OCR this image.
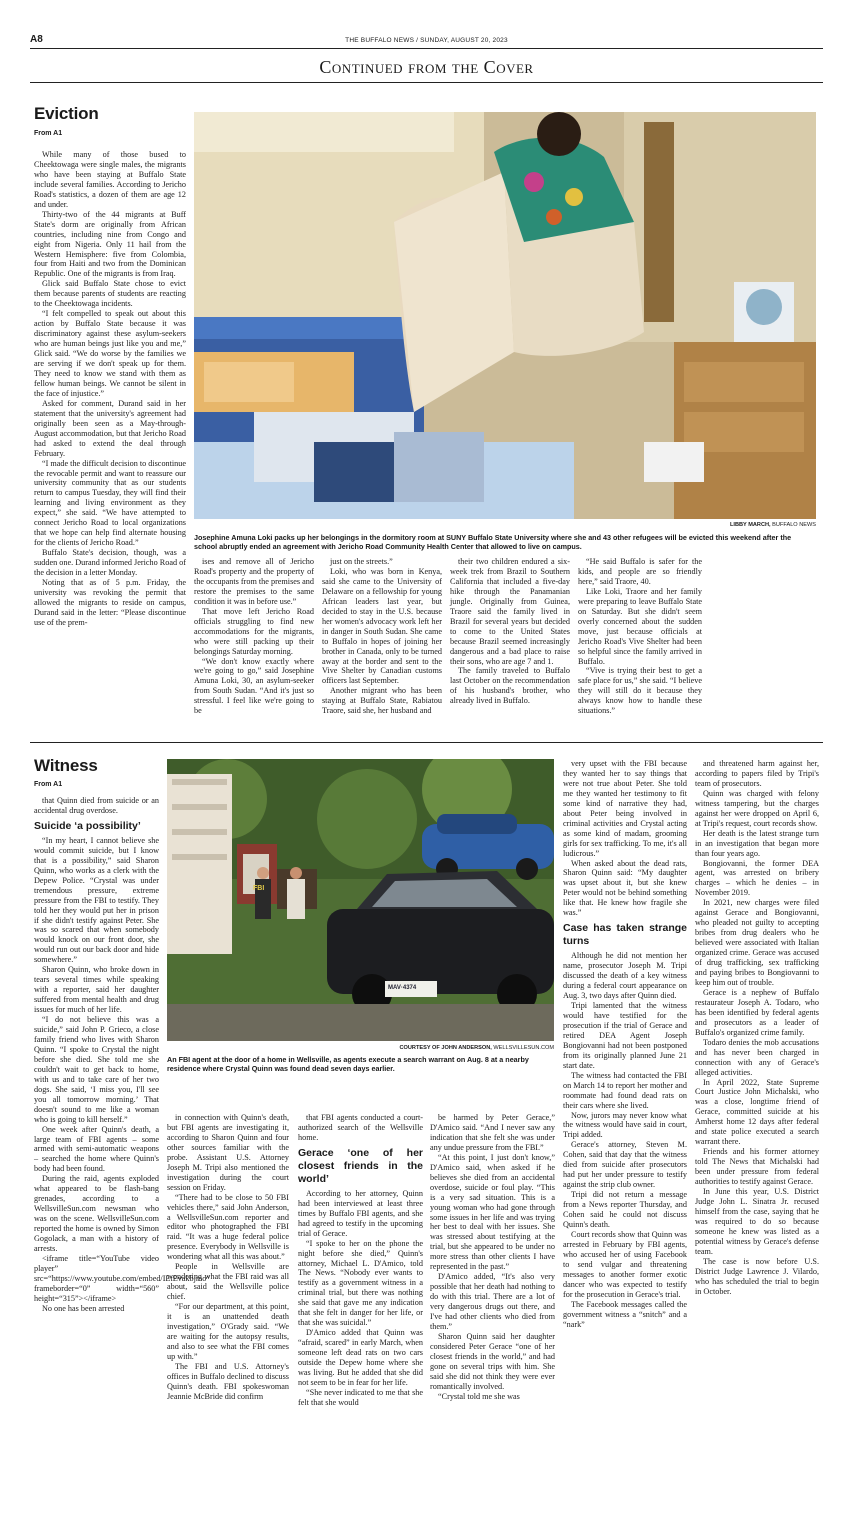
A8	THE BUFFALO NEWS / SUNDAY, AUGUST 20, 2023
Continued from the Cover
Eviction
From A1

While many of those bused to Cheektowaga were single males, the migrants who have been staying at Buffalo State include several families. According to Jericho Road's statistics, a dozen of them are age 12 and under.

Thirty-two of the 44 migrants at Buff State's dorm are originally from African countries, including nine from Congo and eight from Nigeria. Only 11 hail from the Western Hemisphere: five from Colombia, four from Haiti and two from the Dominican Republic. One of the migrants is from Iraq.

Glick said Buffalo State chose to evict them because parents of students are reacting to the Cheektowaga incidents.

“I felt compelled to speak out about this action by Buffalo State because it was discriminatory against these asylum-seekers who are human beings just like you and me,” Glick said. “We do worse by the families we are serving if we don't speak up for them. They need to know we stand with them as fellow human beings. We cannot be silent in the face of injustice.”

Asked for comment, Durand said in her statement that the university's agreement had originally been seen as a May-through-August accommodation, but that Jericho Road had asked to extend the deal through February.

“I made the difficult decision to discontinue the revocable permit and want to reassure our university community that as our students return to campus Tuesday, they will find their learning and living environment as they expect,” she said. “We have attempted to connect Jericho Road to local organizations that we hope can help find alternate housing for the clients of Jericho Road.”

Buffalo State's decision, though, was a sudden one. Durand informed Jericho Road of the decision in a letter Monday.

Noting that as of 5 p.m. Friday, the university was revoking the permit that allowed the migrants to reside on campus, Durand said in the letter: “Please discontinue use of the prem-

LIBBY MARCH, BUFFALO NEWS
Josephine Amuna Loki packs up her belongings in the dormitory room at SUNY Buffalo State University where she and 43 other refugees will be evicted this weekend after the school abruptly ended an agreement with Jericho Road Community Health Center that allowed to live on campus.

ises and remove all of Jericho Road's property and the property of the occupants from the premises and restore the premises to the same condition it was in before use.”

That move left Jericho Road officials struggling to find new accommodations for the migrants, who were still packing up their belongings Saturday morning.

“We don't know exactly where we're going to go,” said Josephine Amuna Loki, 30, an asylum-seeker from South Sudan. “And it's just so stressful. I feel like we're going to be

just on the streets.”

Loki, who was born in Kenya, said she came to the University of Delaware on a fellowship for young African leaders last year, but decided to stay in the U.S. because her women's advocacy work left her in danger in South Sudan. She came to Buffalo in hopes of joining her brother in Canada, only to be turned away at the border and sent to the Vive Shelter by Canadian customs officers last September.

Another migrant who has been staying at Buffalo State, Rabiatou Traore, said she, her husband and

their two children endured a six-week trek from Brazil to Southern California that included a five-day hike through the Panamanian jungle. Originally from Guinea, Traore said the family lived in Brazil for several years but decided to come to the United States because Brazil seemed increasingly dangerous and a bad place to raise their sons, who are age 7 and 1.

The family traveled to Buffalo last October on the recommendation of his husband's brother, who already lived in Buffalo.

“He said Buffalo is safer for the kids, and people are so friendly here,” said Traore, 40.

Like Loki, Traore and her family were preparing to leave Buffalo State on Saturday. But she didn't seem overly concerned about the sudden move, just because officials at Jericho Road's Vive Shelter had been so helpful since the family arrived in Buffalo.

“Vive is trying their best to get a safe place for us,” she said. “I believe they will still do it because they always know how to handle these situations.”

Witness
From A1

that Quinn died from suicide or an accidental drug overdose.

Suicide ‘a possibility’

“In my heart, I cannot believe she would commit suicide, but I know that is a possibility,” said Sharon Quinn, who works as a clerk with the Depew Police. “Crystal was under tremendous pressure, extreme pressure from the FBI to testify. They told her they would put her in prison if she didn't testify against Peter. She was so scared that when somebody would knock on our front door, she would run out our back door and hide somewhere.”

Sharon Quinn, who broke down in tears several times while speaking with a reporter, said her daughter suffered from mental health and drug issues for much of her life.

“I do not believe this was a suicide,” said John P. Grieco, a close family friend who lives with Sharon Quinn. “I spoke to Crystal the night before she died. She told me she couldn't wait to get back to home, with us and to take care of her two dogs. She said, ‘I miss you, I'll see you all tomorrow morning.’ That doesn't sound to me like a woman who is going to kill herself.”

One week after Quinn's death, a large team of FBI agents – some armed with semi-automatic weapons – searched the home where Quinn's body had been found.

During the raid, agents exploded what appeared to be flash-bang grenades, according to a WellsvilleSun.com newsman who was on the scene. WellsvilleSun.com reported the home is owned by Simon Gogolack, a man with a history of arrests.

<iframe title=“YouTube video player” src=“https://www.youtube.com/embed/IEtEvakbjmo” frameborder=“0” width=“560” height=“315”></iframe>

No one has been arrested

FBI
MAV·4374
COURTESY OF JOHN ANDERSON, WELLSVILLESUN.COM
An FBI agent at the door of a home in Wellsville, as agents execute a search warrant on Aug. 8 at a nearby residence where Crystal Quinn was found dead seven days earlier.

in connection with Quinn's death, but FBI agents are investigating it, according to Sharon Quinn and four other sources familiar with the probe. Assistant U.S. Attorney Joseph M. Tripi also mentioned the investigation during the court session on Friday.

“There had to be close to 50 FBI vehicles there,” said John Anderson, a WellsvilleSun.com reporter and editor who photographed the FBI raid. “It was a huge federal police presence. Everybody in Wellsville is wondering what all this was about.”

People in Wellsville are wondering what the FBI raid was all about, said the Wellsville police chief.

“For our department, at this point, it is an unattended death investigation,” O'Grady said. “We are waiting for the autopsy results, and also to see what the FBI comes up with.”

The FBI and U.S. Attorney's offices in Buffalo declined to discuss Quinn's death. FBI spokeswoman Jeannie McBride did confirm

that FBI agents conducted a court-authorized search of the Wellsville home.

Gerace ‘one of her closest friends in the world’

According to her attorney, Quinn had been interviewed at least three times by Buffalo FBI agents, and she had agreed to testify in the upcoming trial of Gerace.

“I spoke to her on the phone the night before she died,” Quinn's attorney, Michael L. D'Amico, told The News. “Nobody ever wants to testify as a government witness in a criminal trial, but there was nothing she said that gave me any indication that she felt in danger for her life, or that she was suicidal.”

D'Amico added that Quinn was “afraid, scared” in early March, when someone left dead rats on two cars outside the Depew home where she was living. But he added that she did not seem to be in fear for her life.

“She never indicated to me that she felt that she would

be harmed by Peter Gerace,” D'Amico said. “And I never saw any indication that she felt she was under any undue pressure from the FBI.”

“At this point, I just don't know,” D'Amico said, when asked if he believes she died from an accidental overdose, suicide or foul play. “This is a very sad situation. This is a young woman who had gone through some issues in her life and was trying her best to deal with her issues. She was stressed about testifying at the trial, but she appeared to be under no more stress than other clients I have represented in the past.”

D'Amico added, “It's also very possible that her death had nothing to do with this trial. There are a lot of very dangerous drugs out there, and I've had other clients who died from them.”

Sharon Quinn said her daughter considered Peter Gerace “one of her closest friends in the world,” and had gone on several trips with him. She said she did not think they were ever romantically involved.

“Crystal told me she was

very upset with the FBI because they wanted her to say things that were not true about Peter. She told me they wanted her testimony to fit some kind of narrative they had, about Peter being involved in criminal activities and Crystal acting as some kind of madam, grooming girls for sex trafficking. To me, it's all ludicrous.”

When asked about the dead rats, Sharon Quinn said: “My daughter was upset about it, but she knew Peter would not be behind something like that. He knew how fragile she was.”

Case has taken strange turns

Although he did not mention her name, prosecutor Joseph M. Tripi discussed the death of a key witness during a federal court appearance on Aug. 3, two days after Quinn died.

Tripi lamented that the witness would have testified for the prosecution if the trial of Gerace and retired DEA Agent Joseph Bongiovanni had not been postponed from its originally planned June 21 start date.

The witness had contacted the FBI on March 14 to report her mother and roommate had found dead rats on their cars where she lived.

Now, jurors may never know what the witness would have said in court, Tripi added.

Gerace's attorney, Steven M. Cohen, said that day that the witness died from suicide after prosecutors had put her under pressure to testify against the strip club owner.

Tripi did not return a message from a News reporter Thursday, and Cohen said he could not discuss Quinn's death.

Court records show that Quinn was arrested in February by FBI agents, who accused her of using Facebook to send vulgar and threatening messages to another former exotic dancer who was expected to testify for the prosecution in Gerace's trial.

The Facebook messages called the government witness a “snitch” and a “nark”

and threatened harm against her, according to papers filed by Tripi's team of prosecutors.

Quinn was charged with felony witness tampering, but the charges against her were dropped on April 6, at Tripi's request, court records show.

Her death is the latest strange turn in an investigation that began more than four years ago.

Bongiovanni, the former DEA agent, was arrested on bribery charges – which he denies – in November 2019.

In 2021, new charges were filed against Gerace and Bongiovanni, who pleaded not guilty to accepting bribes from drug dealers who he believed were associated with Italian organized crime. Gerace was accused of drug trafficking, sex trafficking and paying bribes to Bongiovanni to keep him out of trouble.

Gerace is a nephew of Buffalo restaurateur Joseph A. Todaro, who has been identified by federal agents and prosecutors as a leader of Buffalo's organized crime family.

Todaro denies the mob accusations and has never been charged in connection with any of Gerace's alleged activities.

In April 2022, State Supreme Court Justice John Michalski, who was a close, longtime friend of Gerace, committed suicide at his Amherst home 12 days after federal and state police executed a search warrant there.

Friends and his former attorney told The News that Michalski had been under pressure from federal authorities to testify against Gerace.

In June this year, U.S. District Judge John L. Sinatra Jr. recused himself from the case, saying that he was required to do so because someone he knew was listed as a potential witness by Gerace's defense team.

The case is now before U.S. District Judge Lawrence J. Vilardo, who has scheduled the trial to begin in October.
